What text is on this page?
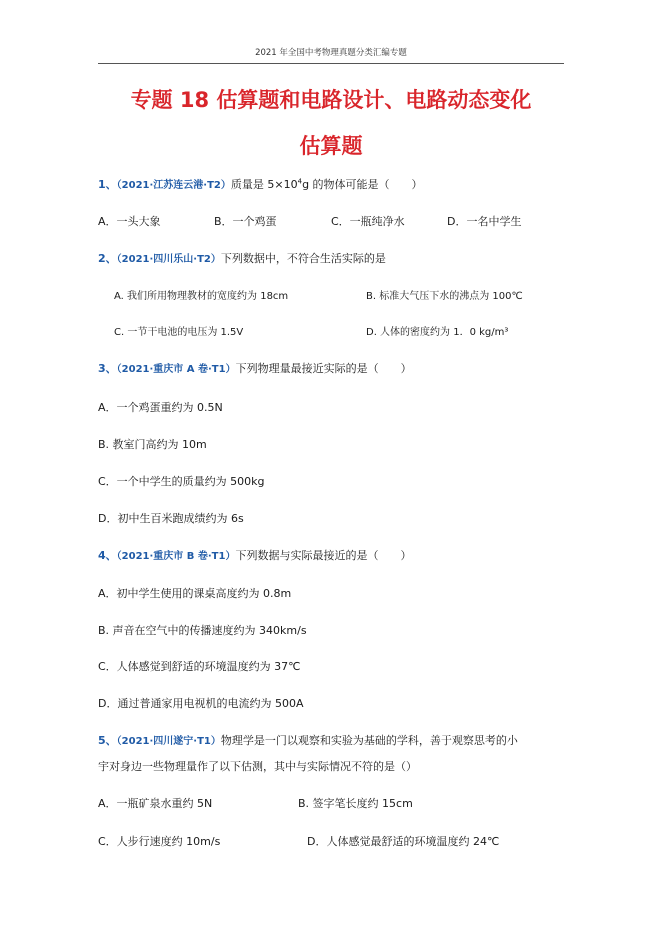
2021 年全国中考物理真题分类汇编专题
专题 18 估算题和电路设计、电路动态变化
估算题
1、（2021·江苏连云港·T2）质量是 $5\times 10^4g$ 的物体可能是（　　）
A．一头大象	B．一个鸡蛋	C．一瓶纯净水	D．一名中学生
2、（2021·四川乐山·T2）下列数据中，不符合生活实际的是
A. 我们所用物理教材的宽度约为 18cm	B. 标准大气压下水的沸点为 100℃
C. 一节干电池的电压为 1.5V	D. 人体的密度约为 1．0 kg/m³
3、（2021·重庆市 A 卷·T1）下列物理量最接近实际的是（　　）
A．一个鸡蛋重约为 0.5N
B. 教室门高约为 10m
C．一个中学生的质量约为 500kg
D．初中生百米跑成绩约为 6s
4、（2021·重庆市 B 卷·T1）下列数据与实际最接近的是（　　）
A．初中学生使用的课桌高度约为 0.8m
B. 声音在空气中的传播速度约为 340km/s
C．人体感觉到舒适的环境温度约为 37℃
D．通过普通家用电视机的电流约为 500A
5、（2021·四川遂宁·T1）物理学是一门以观察和实验为基础的学科，善于观察思考的小
宇对身边一些物理量作了以下估测，其中与实际情况不符的是（）
A．一瓶矿泉水重约 5N	B. 签字笔长度约 15cm
C．人步行速度约 10m/s	D．人体感觉最舒适的环境温度约 24℃
